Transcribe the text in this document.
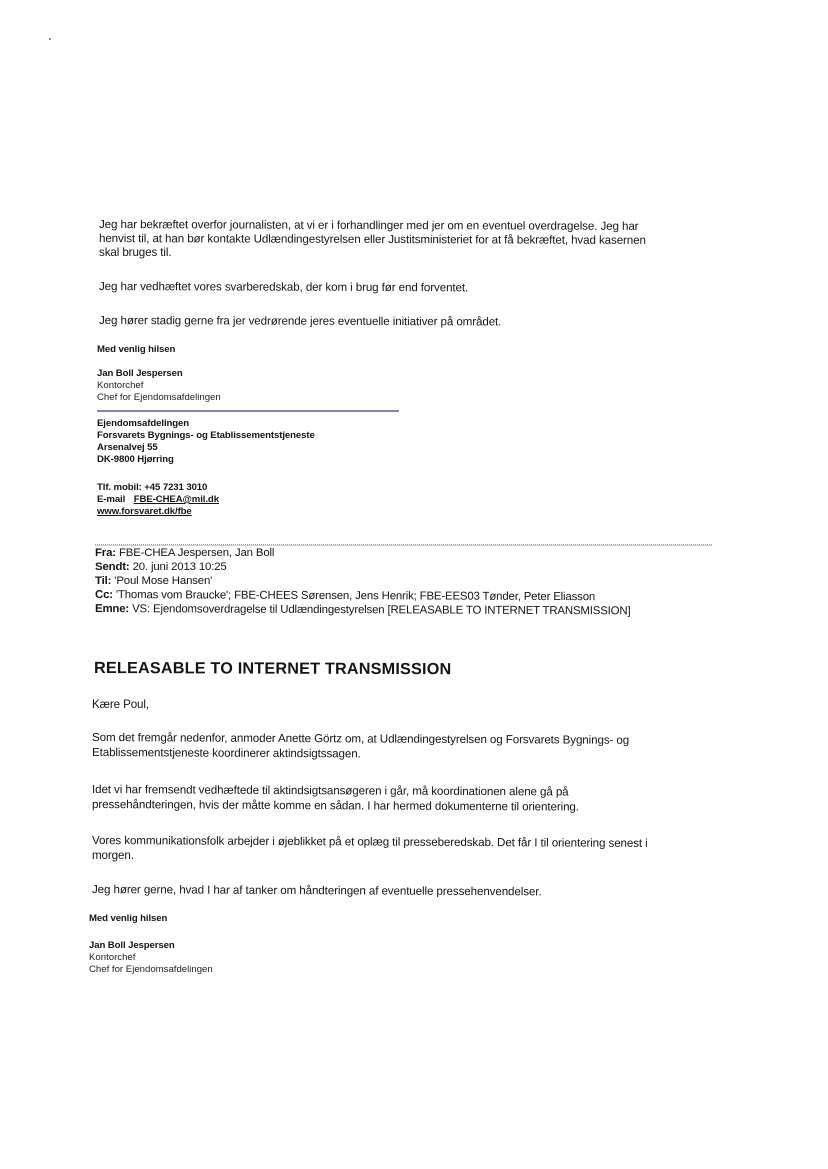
Jeg har bekræftet overfor journalisten, at vi er i forhandlinger med jer om en eventuel overdragelse. Jeg har
henvist til, at han bør kontakte Udlændingestyrelsen eller Justitsministeriet for at få bekræftet, hvad kasernen
skal bruges til.
Jeg har vedhæftet vores svarberedskab, der kom i brug før end forventet.
Jeg hører stadig gerne fra jer vedrørende jeres eventuelle initiativer på området.
Med venlig hilsen
Jan Boll Jespersen
Kontorchef
Chef for Ejendomsafdelingen
Ejendomsafdelingen
Forsvarets Bygnings- og Etablissementstjeneste
Arsenalvej 55
DK-9800 Hjørring
Tlf. mobil: +45 7231 3010
E-mail FBE-CHEA@mil.dk
www.forsvaret.dk/fbe
Fra: FBE-CHEA Jespersen, Jan Boll
Sendt: 20. juni 2013 10:25
Til: 'Poul Mose Hansen'
Cc: 'Thomas vom Braucke'; FBE-CHEES Sørensen, Jens Henrik; FBE-EES03 Tønder, Peter Eliasson
Emne: VS: Ejendomsoverdragelse til Udlændingestyrelsen [RELEASABLE TO INTERNET TRANSMISSION]
RELEASABLE TO INTERNET TRANSMISSION
Kære Poul,
Som det fremgår nedenfor, anmoder Anette Görtz om, at Udlændingestyrelsen og Forsvarets Bygnings- og
Etablissementstjeneste koordinerer aktindsigtssagen.
Idet vi har fremsendt vedhæftede til aktindsigtsansøgeren i går, må koordinationen alene gå på
pressehåndteringen, hvis der måtte komme en sådan. I har hermed dokumenterne til orientering.
Vores kommunikationsfolk arbejder i øjeblikket på et oplæg til presseberedskab. Det får I til orientering senest i
morgen.
Jeg hører gerne, hvad I har af tanker om håndteringen af eventuelle pressehenvendelser.
Med venlig hilsen
Jan Boll Jespersen
Kontorchef
Chef for Ejendomsafdelingen
